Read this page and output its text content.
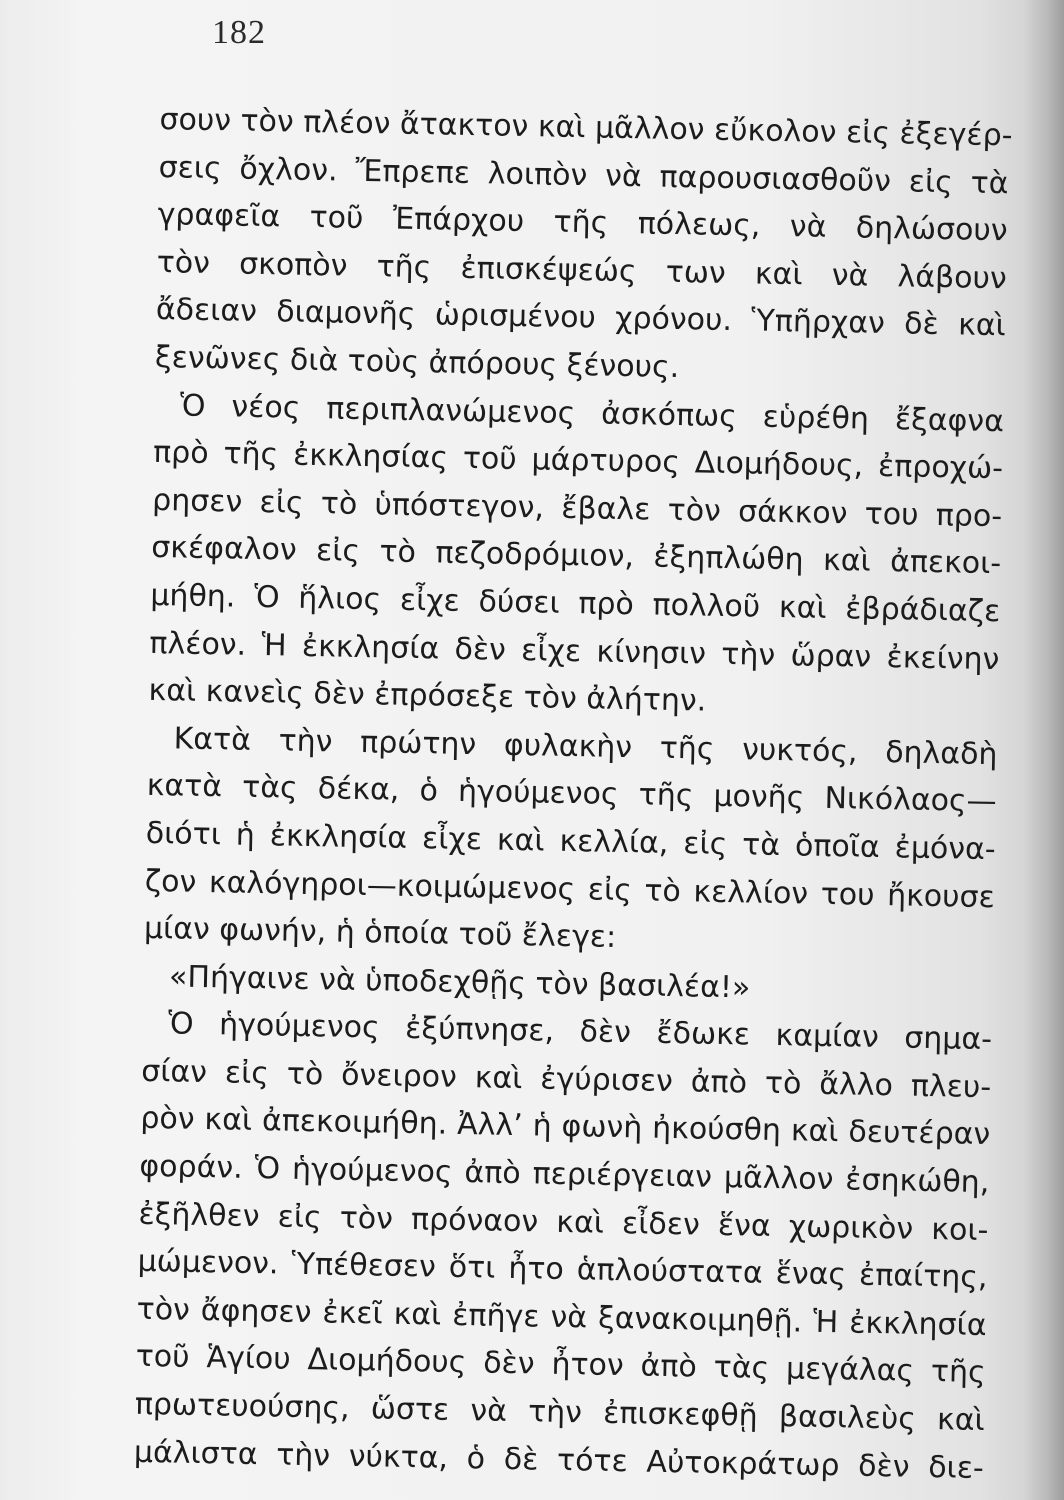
182
σουν τὸν πλέον ἄτακτον καὶ μᾶλλον εὔκολον εἰς ἐξεγέρ-
σεις ὄχλον. Ἔπρεπε λοιπὸν νὰ παρουσιασθοῦν εἰς τὰ
γραφεῖα τοῦ Ἐπάρχου τῆς πόλεως, νὰ δηλώσουν
τὸν σκοπὸν τῆς ἐπισκέψεώς των καὶ νὰ λάβουν
ἄδειαν διαμονῆς ὡρισμένου χρόνου. Ὑπῆρχαν δὲ καὶ
ξενῶνες διὰ τοὺς ἀπόρους ξένους.
Ὁ νέος περιπλανώμενος ἀσκόπως εὑρέθη ἔξαφνα
πρὸ τῆς ἐκκλησίας τοῦ μάρτυρος Διομήδους, ἐπροχώ-
ρησεν εἰς τὸ ὑπόστεγον, ἔβαλε τὸν σάκκον του προ-
σκέφαλον εἰς τὸ πεζοδρόμιον, ἐξηπλώθη καὶ ἀπεκοι-
μήθη. Ὁ ἥλιος εἶχε δύσει πρὸ πολλοῦ καὶ ἐβράδιαζε
πλέον. Ἡ ἐκκλησία δὲν εἶχε κίνησιν τὴν ὥραν ἐκείνην
καὶ κανεὶς δὲν ἐπρόσεξε τὸν ἀλήτην.
Κατὰ τὴν πρώτην φυλακὴν τῆς νυκτός, δηλαδὴ
κατὰ τὰς δέκα, ὁ ἡγούμενος τῆς μονῆς Νικόλαος—
διότι ἡ ἐκκλησία εἶχε καὶ κελλία, εἰς τὰ ὁποῖα ἐμόνα-
ζον καλόγηροι—κοιμώμενος εἰς τὸ κελλίον του ἤκουσε
μίαν φωνήν, ἡ ὁποία τοῦ ἔλεγε:
«Πήγαινε νὰ ὑποδεχθῇς τὸν βασιλέα!»
Ὁ ἡγούμενος ἐξύπνησε, δὲν ἔδωκε καμίαν σημα-
σίαν εἰς τὸ ὄνειρον καὶ ἐγύρισεν ἀπὸ τὸ ἄλλο πλευ-
ρὸν καὶ ἀπεκοιμήθη. Ἀλλ’ ἡ φωνὴ ἠκούσθη καὶ δευτέραν
φοράν. Ὁ ἡγούμενος ἀπὸ περιέργειαν μᾶλλον ἐσηκώθη,
ἐξῆλθεν εἰς τὸν πρόναον καὶ εἶδεν ἕνα χωρικὸν κοι-
μώμενον. Ὑπέθεσεν ὅτι ἦτο ἁπλούστατα ἕνας ἐπαίτης,
τὸν ἄφησεν ἐκεῖ καὶ ἐπῆγε νὰ ξανακοιμηθῇ. Ἡ ἐκκλησία
τοῦ Ἁγίου Διομήδους δὲν ἦτον ἀπὸ τὰς μεγάλας τῆς
πρωτευούσης, ὥστε νὰ τὴν ἐπισκεφθῇ βασιλεὺς καὶ
μάλιστα τὴν νύκτα, ὁ δὲ τότε Αὐτοκράτωρ δὲν διε-
